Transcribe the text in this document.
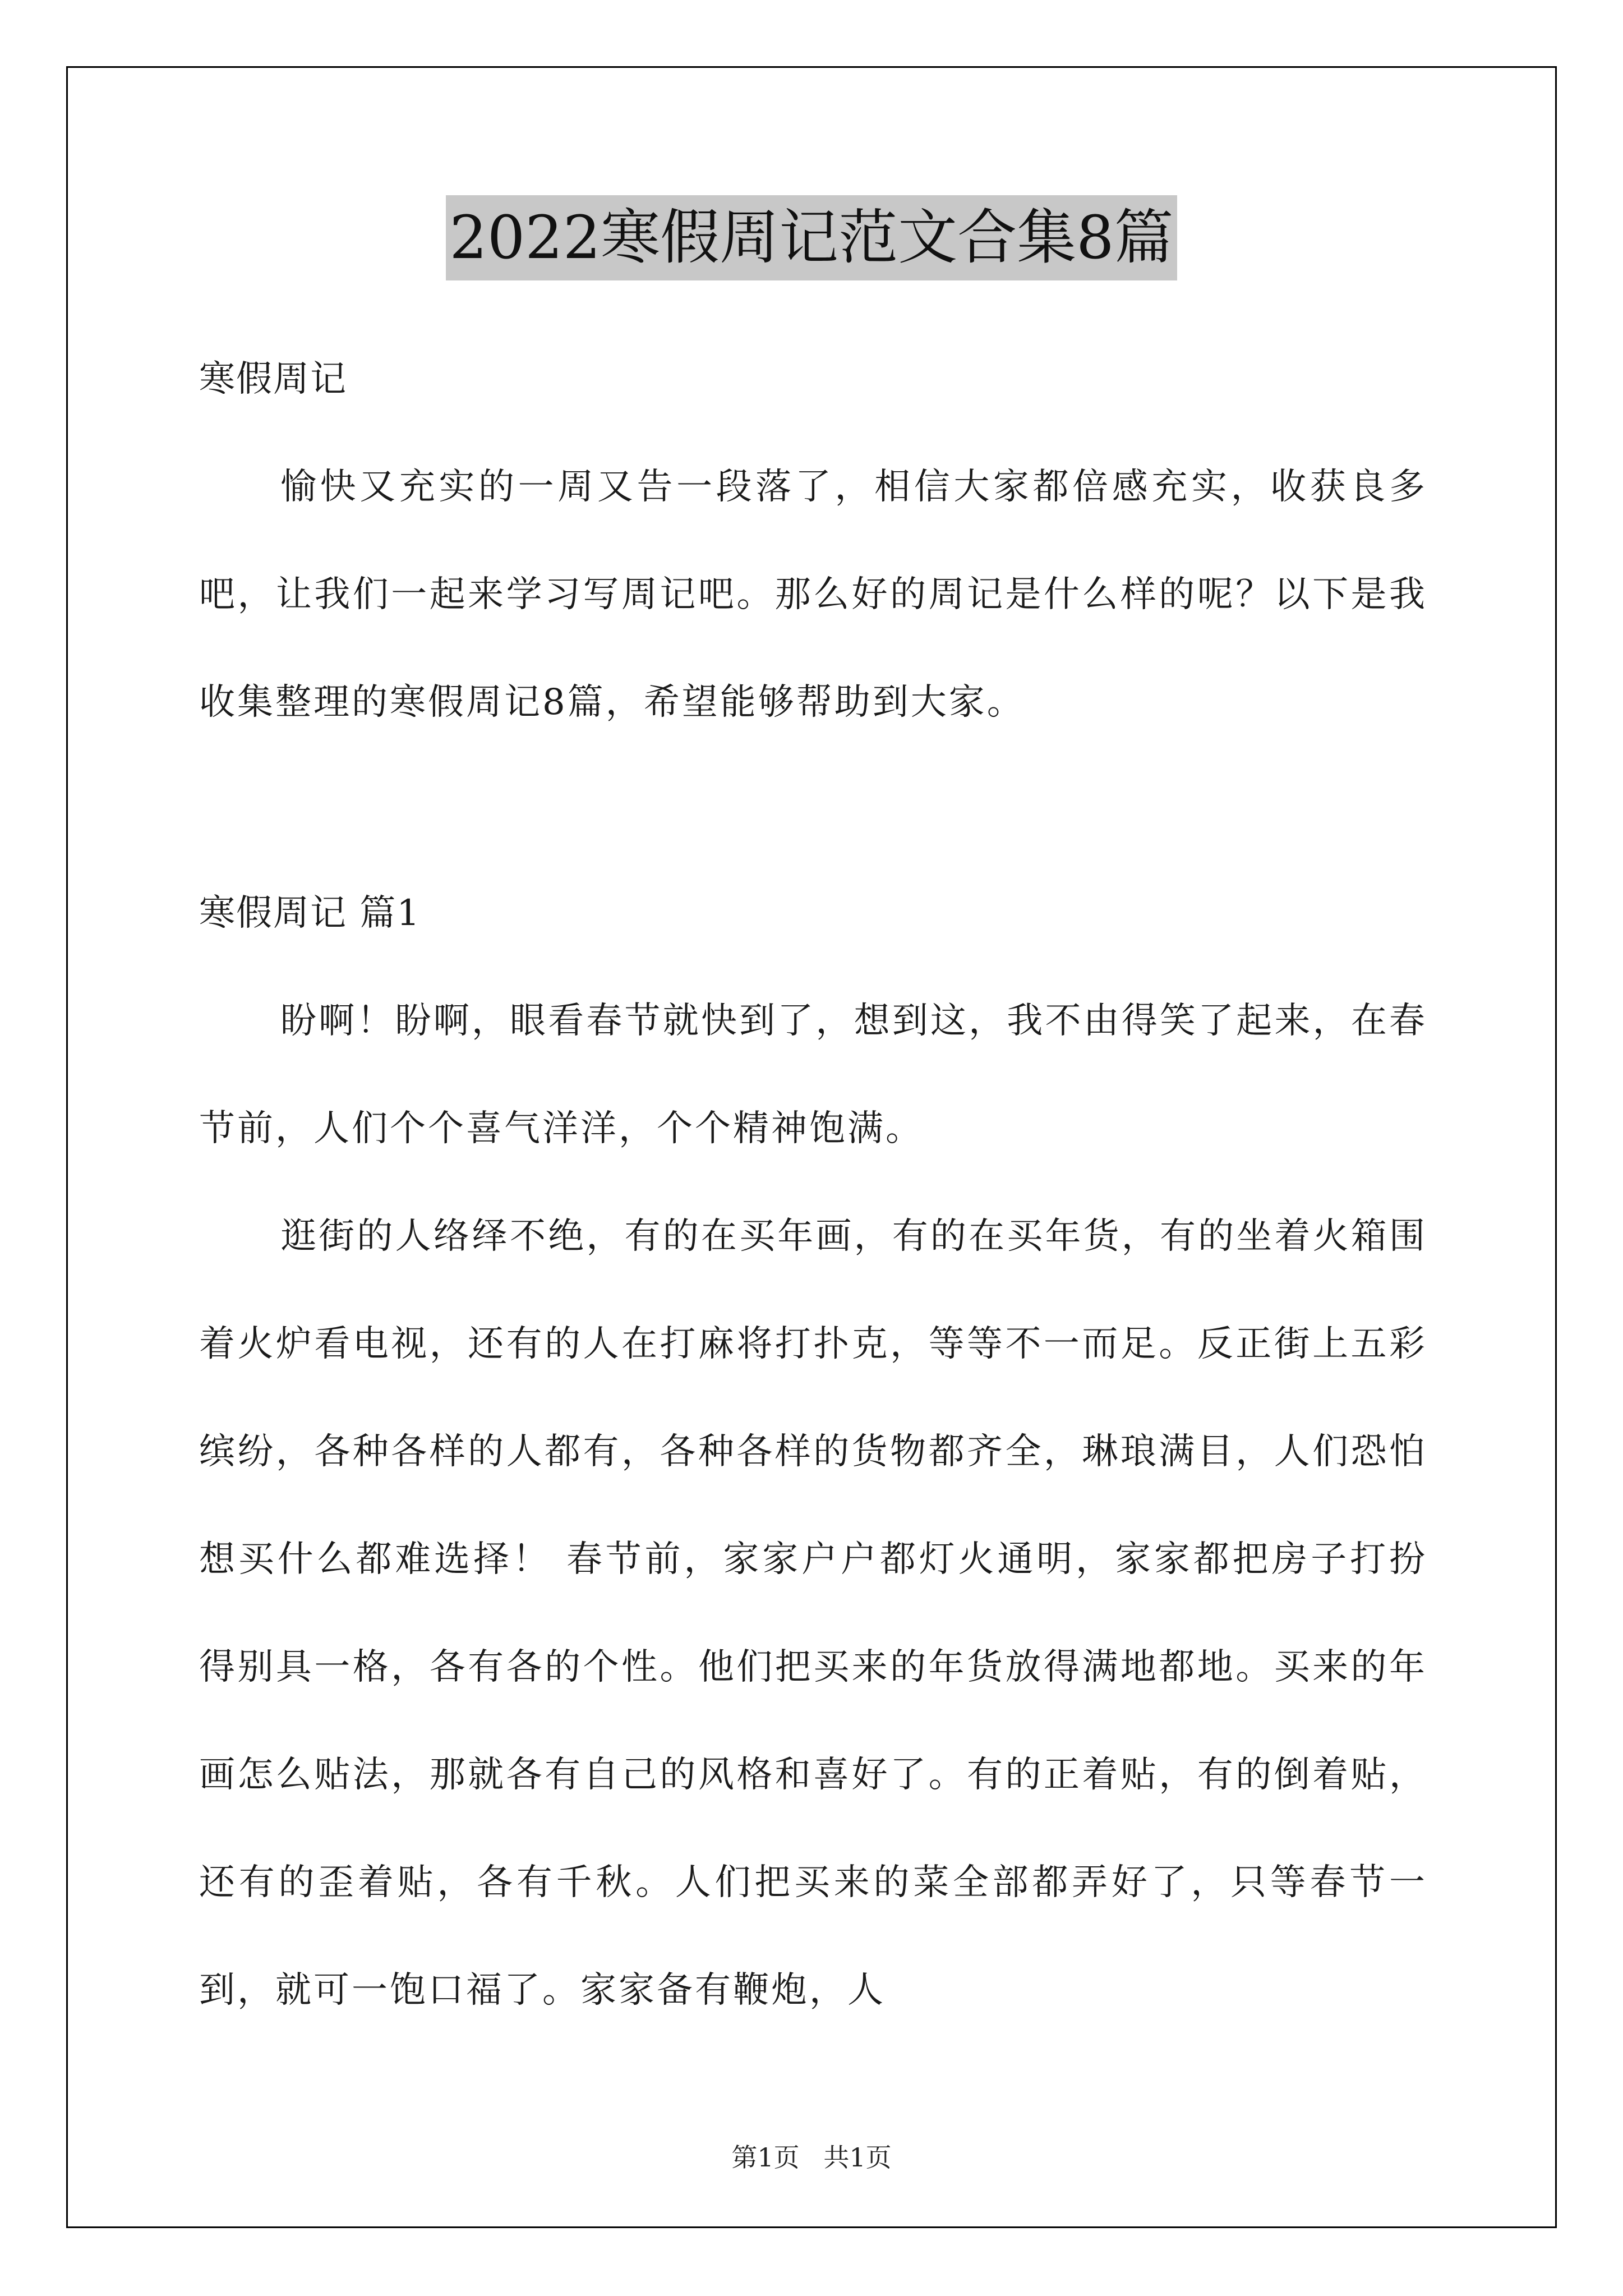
2022寒假周记范文合集8篇
寒假周记

愉快又充实的一周又告一段落了，相信大家都倍感充实，收获良多吧，让我们一起来学习写周记吧。那么好的周记是什么样的呢？以下是我收集整理的寒假周记8篇，希望能够帮助到大家。

寒假周记 篇1

盼啊！盼啊，眼看春节就快到了，想到这，我不由得笑了起来，在春节前，人们个个喜气洋洋，个个精神饱满。

逛街的人络绎不绝，有的在买年画，有的在买年货，有的坐着火箱围着火炉看电视，还有的人在打麻将打扑克，等等不一而足。反正街上五彩缤纷，各种各样的人都有，各种各样的货物都齐全，琳琅满目，人们恐怕想买什么都难选择！ 春节前，家家户户都灯火通明，家家都把房子打扮得别具一格，各有各的个性。他们把买来的年货放得满地都地。买来的年画怎么贴法，那就各有自己的风格和喜好了。有的正着贴，有的倒着贴，还有的歪着贴，各有千秋。人们把买来的菜全部都弄好了，只等春节一到，就可一饱口福了。家家备有鞭炮，人

第1页 共1页
